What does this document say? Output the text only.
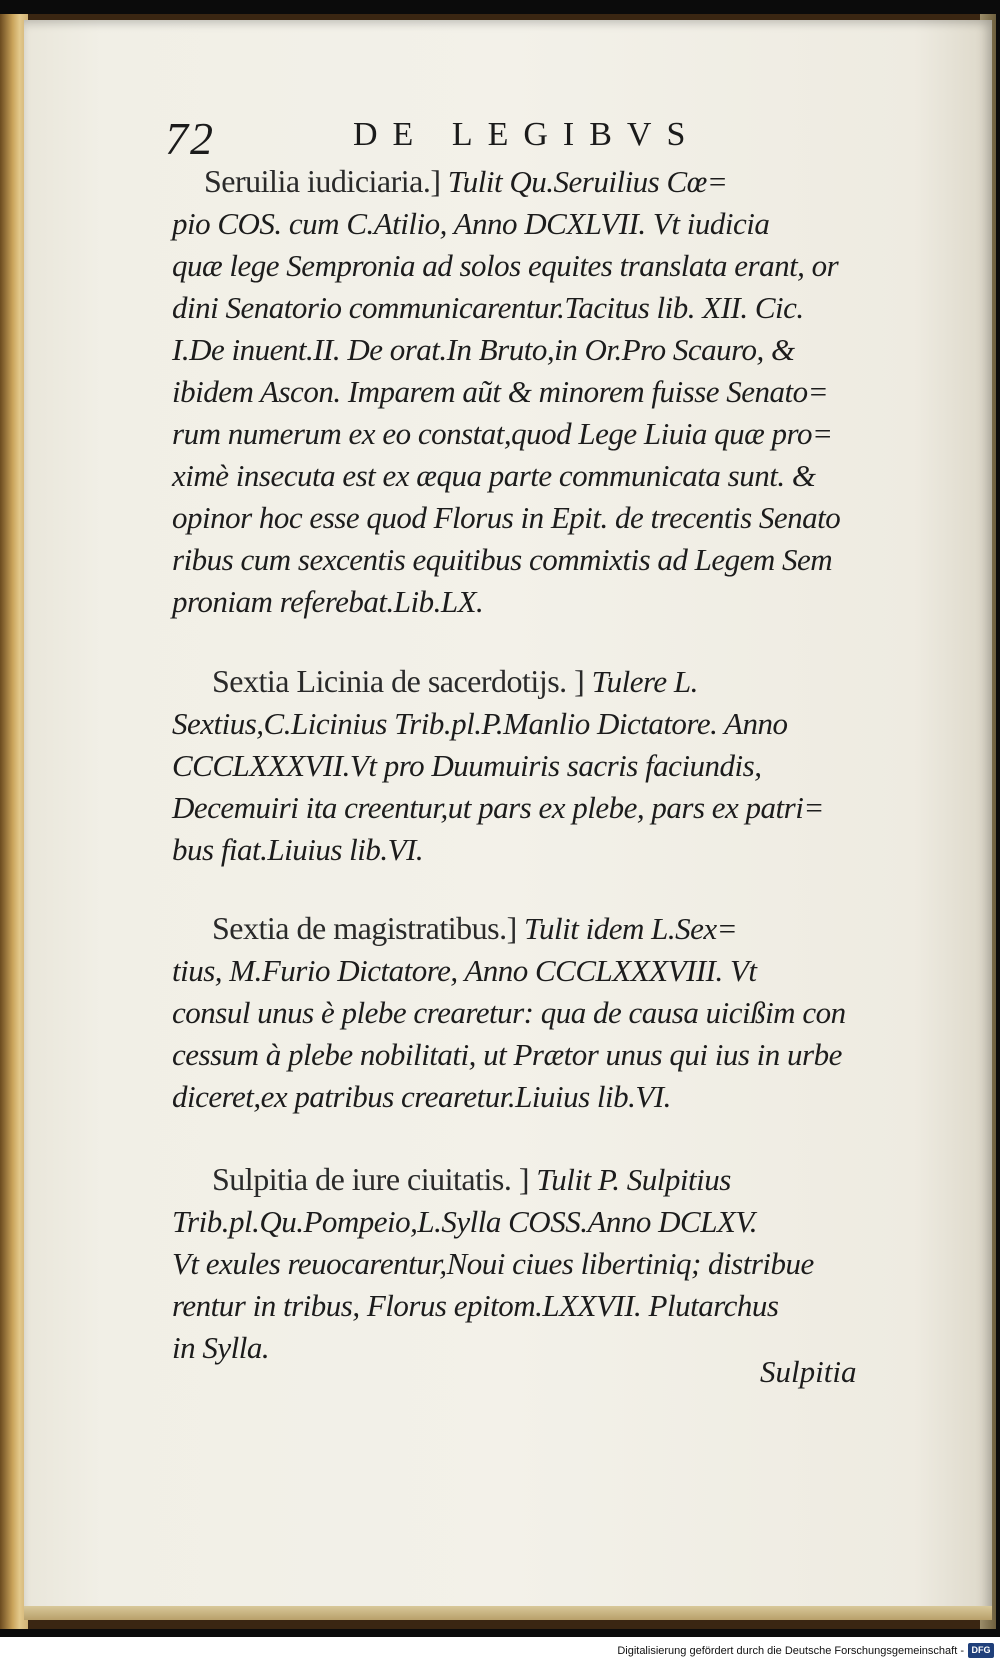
72	DE LEGIBVS
Seruilia iudiciaria.] Tulit Qu.Seruilius Cœ=
pio COS. cum C.Atilio, Anno DCXLVII. Vt iudicia
quæ lege Sempronia ad solos equites translata erant, or
dini Senatorio communicarentur.Tacitus lib. XII. Cic.
I.De inuent.II. De orat.In Bruto,in Or.Pro Scauro, &
ibidem Ascon. Imparem aũt & minorem fuisse Senato=
rum numerum ex eo constat,quod Lege Liuia quæ pro=
ximè insecuta est ex æqua parte communicata sunt. &
opinor hoc esse quod Florus in Epit. de trecentis Senato
ribus cum sexcentis equitibus commixtis ad Legem Sem
proniam referebat.Lib.LX.
Sextia Licinia de sacerdotijs. ] Tulere L.
Sextius,C.Licinius Trib.pl.P.Manlio Dictatore. Anno
CCCLXXXVII.Vt pro Duumuiris sacris faciundis,
Decemuiri ita creentur,ut pars ex plebe, pars ex patri=
bus fiat.Liuius lib.VI.
Sextia de magistratibus.] Tulit idem L.Sex=
tius, M.Furio Dictatore, Anno CCCLXXXVIII. Vt
consul unus è plebe crearetur: qua de causa uicißim con
cessum à plebe nobilitati, ut Prætor unus qui ius in urbe
diceret,ex patribus crearetur.Liuius lib.VI.
Sulpitia de iure ciuitatis. ] Tulit P. Sulpitius
Trib.pl.Qu.Pompeio,L.Sylla COSS.Anno DCLXV.
Vt exules reuocarentur,Noui ciues libertiniq; distribue
rentur in tribus, Florus epitom.LXXVII. Plutarchus
in Sylla.
Sulpitia
Digitalisierung gefördert durch die Deutsche Forschungsgemeinschaft - DFG
